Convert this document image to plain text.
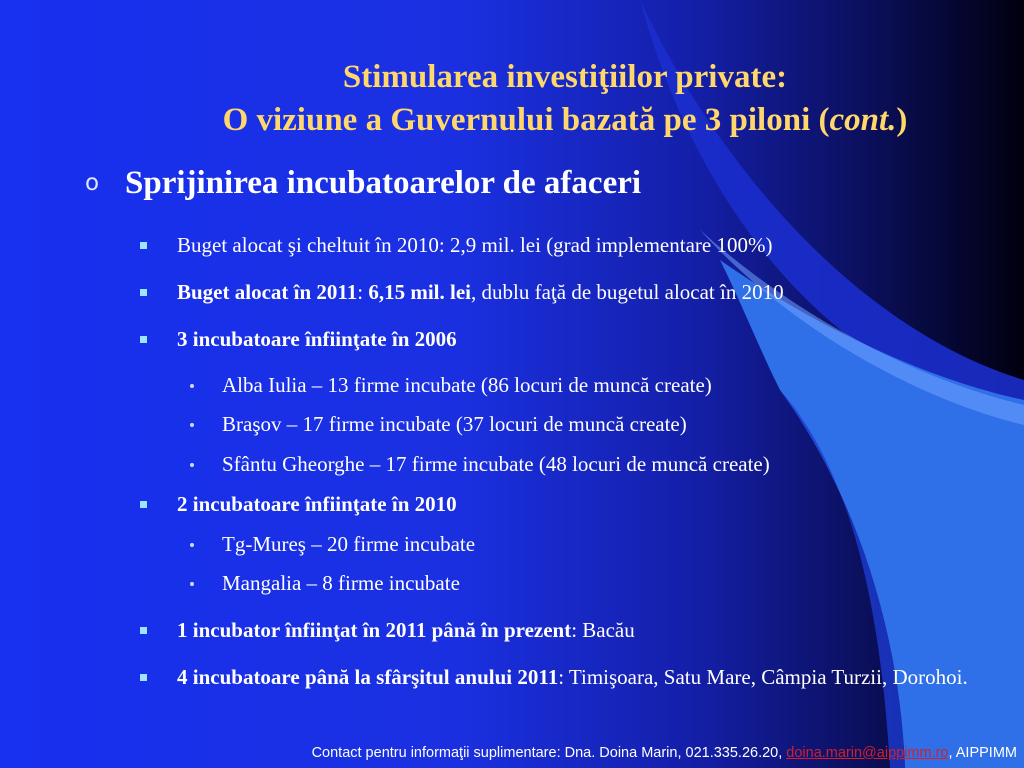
Stimularea investiţiilor private:
O viziune a Guvernului bazată pe 3 piloni (cont.)
o Sprijinirea incubatoarelor de afaceri
Buget alocat şi cheltuit în 2010: 2,9 mil. lei (grad implementare 100%)
Buget alocat în 2011: 6,15 mil. lei, dublu faţă de bugetul alocat în 2010
3 incubatoare înfiinţate în 2006
Alba Iulia – 13 firme incubate (86 locuri de muncă create)
Braşov – 17 firme incubate (37 locuri de muncă create)
Sfântu Gheorghe – 17 firme incubate (48 locuri de muncă create)
2 incubatoare înfiinţate în 2010
Tg-Mureş – 20 firme incubate
Mangalia – 8 firme incubate
1 incubator înfiinţat în 2011 până în prezent: Bacău
4 incubatoare până la sfârşitul anului 2011: Timişoara, Satu Mare, Câmpia Turzii, Dorohoi.
Contact pentru informaţii suplimentare: Dna. Doina Marin, 021.335.26.20, doina.marin@aippimm.ro, AIPPIMM
